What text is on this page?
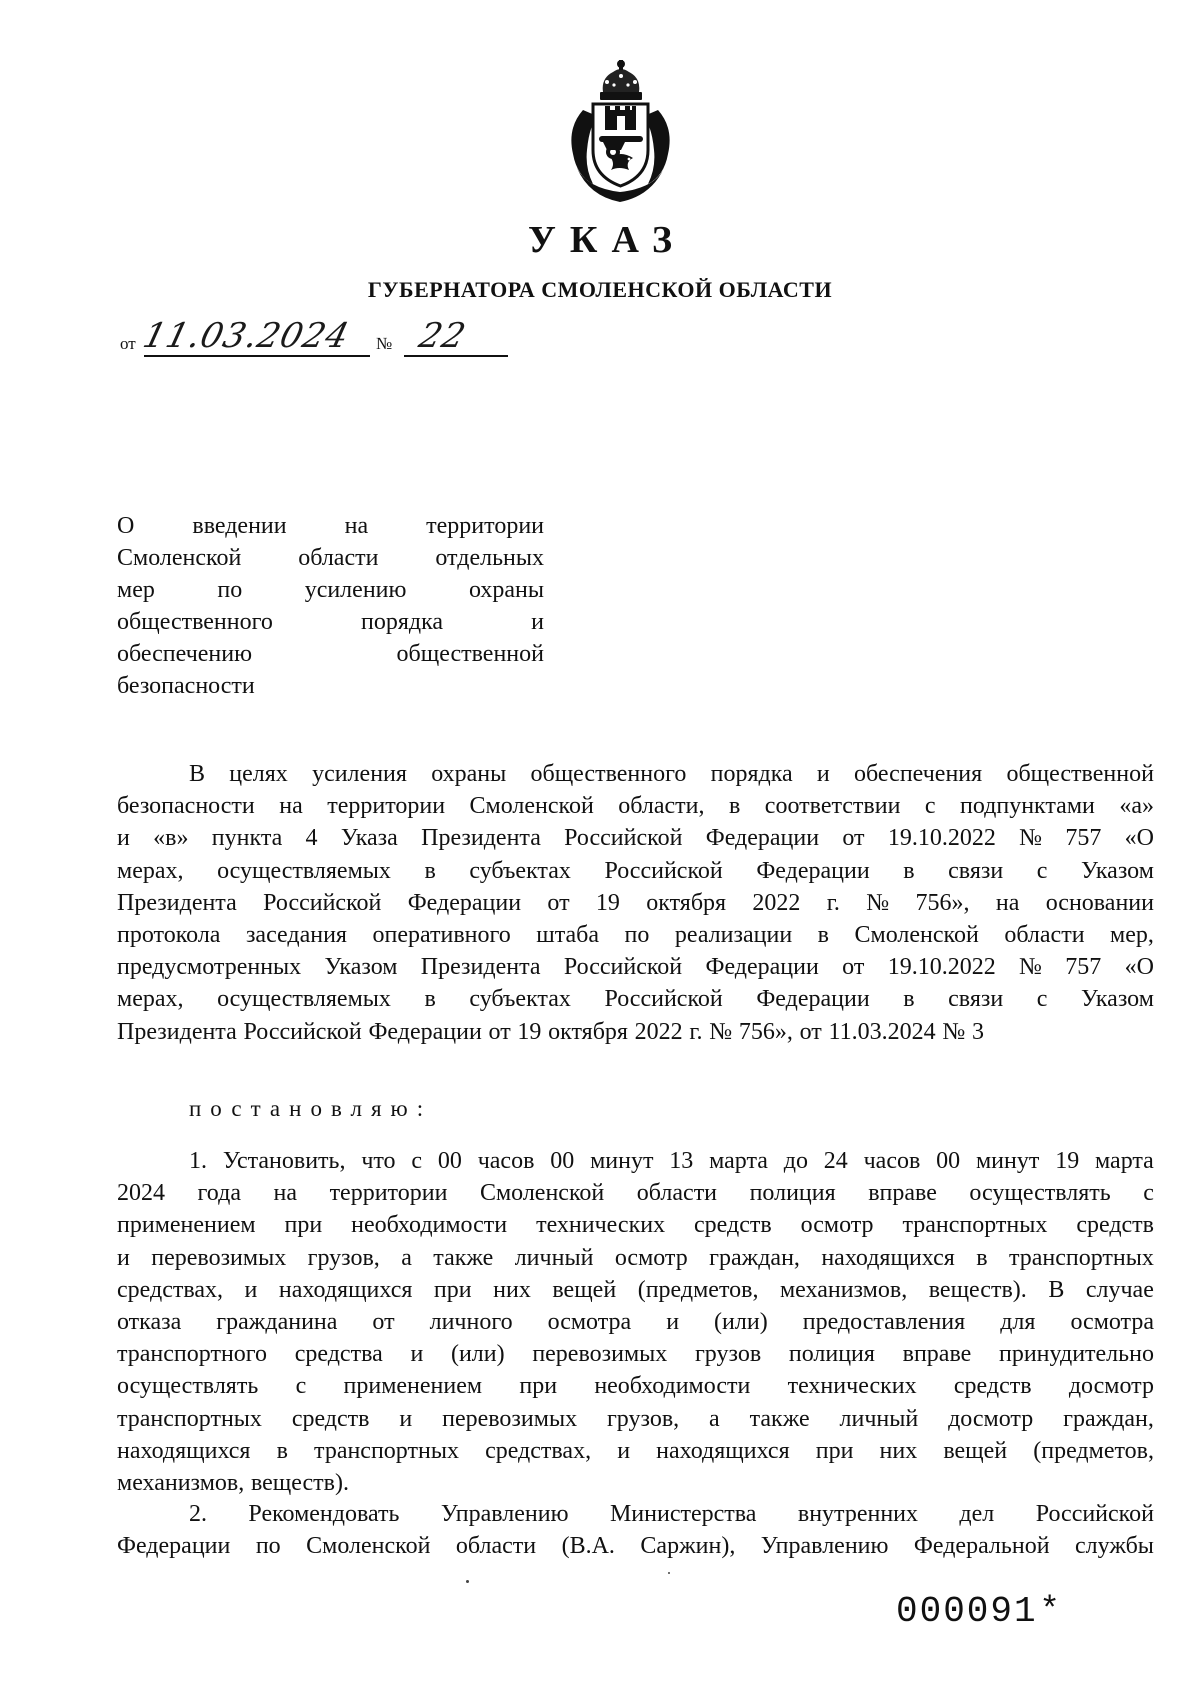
УКАЗ
ГУБЕРНАТОРА СМОЛЕНСКОЙ ОБЛАСТИ
от 11.03.2024 № 22
О введении на территории
Смоленской области отдельных
мер	по	усилению	охраны
общественного	порядка	и
обеспечению	общественной
безопасности
В целях усиления охраны общественного порядка и обеспечения общественной
безопасности на территории Смоленской области, в соответствии с подпунктами «а»
и «в» пункта 4 Указа Президента Российской Федерации от 19.10.2022 № 757 «О
мерах, осуществляемых в субъектах Российской Федерации в связи с Указом
Президента Российской Федерации от 19 октября 2022 г. № 756», на основании
протокола заседания оперативного штаба по реализации в Смоленской области мер,
предусмотренных Указом Президента Российской Федерации от 19.10.2022 № 757 «О
мерах, осуществляемых в субъектах Российской Федерации в связи с Указом
Президента Российской Федерации от 19 октября 2022 г. № 756», от 11.03.2024 № 3
постановляю:
1. Установить, что с 00 часов 00 минут 13 марта до 24 часов 00 минут 19 марта
2024 года на территории Смоленской области полиция вправе осуществлять с
применением при необходимости технических средств осмотр транспортных средств
и перевозимых грузов, а также личный осмотр граждан, находящихся в транспортных
средствах, и находящихся при них вещей (предметов, механизмов, веществ). В случае
отказа гражданина от личного осмотра и (или) предоставления для осмотра
транспортного средства и (или) перевозимых грузов полиция вправе принудительно
осуществлять с применением при необходимости технических средств досмотр
транспортных средств и перевозимых грузов, а также личный досмотр граждан,
находящихся в транспортных средствах, и находящихся при них вещей (предметов,
механизмов, веществ).
2. Рекомендовать Управлению Министерства внутренних дел Российской
Федерации по Смоленской области (В.А. Саржин), Управлению Федеральной службы
000091 *
